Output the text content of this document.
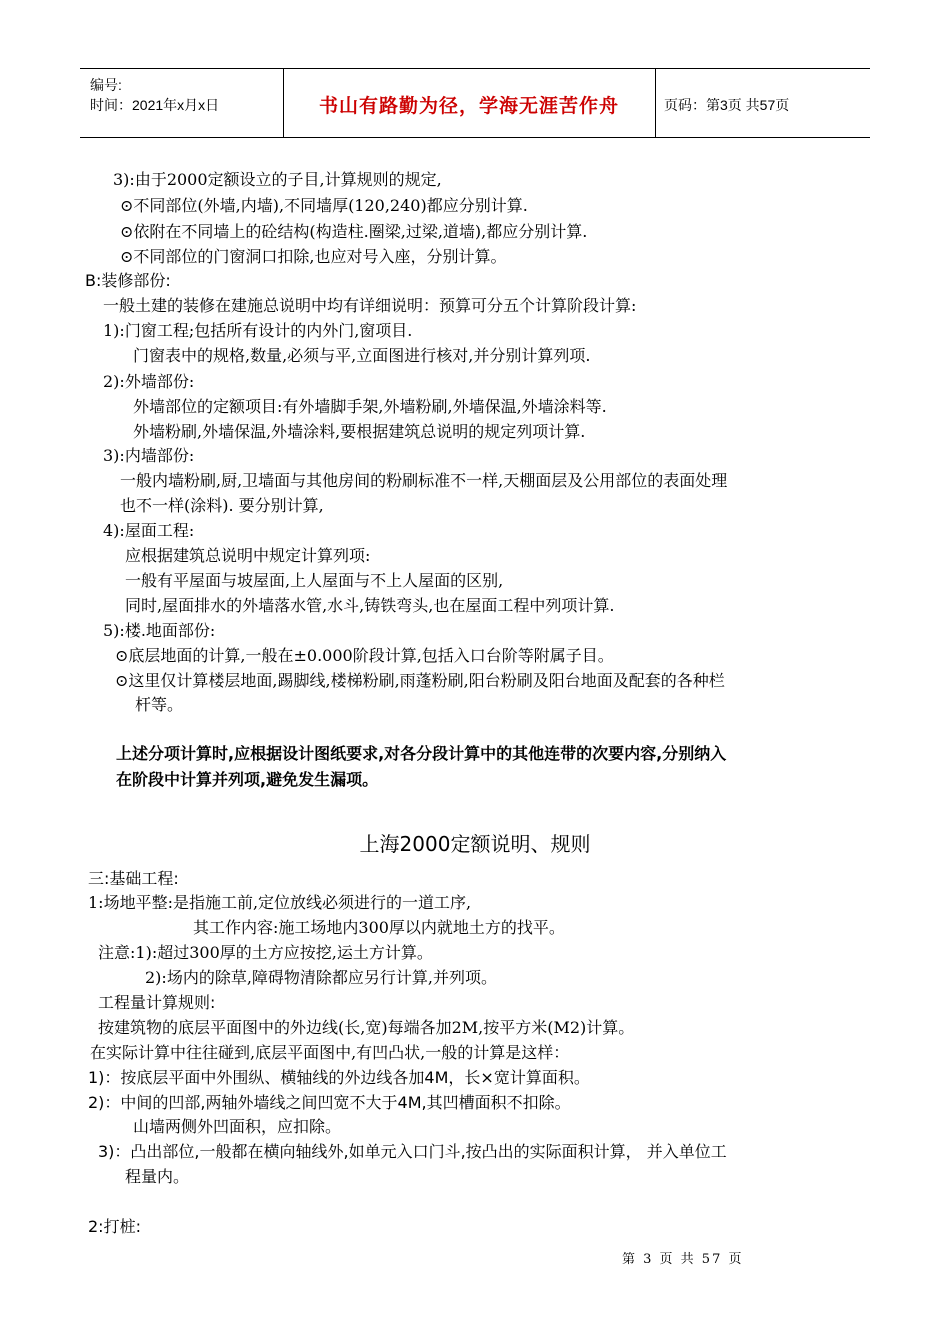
编号:
时间：2021年x月x日	书山有路勤为径，学海无涯苦作舟	页码：第3页 共57页
3):由于2000定额设立的子目,计算规则的规定,
⊙不同部位(外墙,内墙),不同墙厚(120,240)都应分别计算.
⊙依附在不同墙上的砼结构(构造柱.圈梁,过梁,道墙),都应分别计算.
⊙不同部位的门窗洞口扣除,也应对号入座，分别计算。
B:装修部份:
一般土建的装修在建施总说明中均有详细说明：预算可分五个计算阶段计算:
1):门窗工程;包括所有设计的内外门,窗项目.
门窗表中的规格,数量,必须与平,立面图进行核对,并分别计算列项.
2):外墙部份:
外墙部位的定额项目:有外墙脚手架,外墙粉刷,外墙保温,外墙涂料等.
外墙粉刷,外墙保温,外墙涂料,要根据建筑总说明的规定列项计算.
3):内墙部份:
一般内墙粉刷,厨,卫墙面与其他房间的粉刷标准不一样,天棚面层及公用部位的表面处理
也不一样(涂料). 要分别计算,
4):屋面工程:
应根据建筑总说明中规定计算列项:
一般有平屋面与坡屋面,上人屋面与不上人屋面的区别,
同时,屋面排水的外墙落水管,水斗,铸铁弯头,也在屋面工程中列项计算.
5):楼.地面部份:
⊙底层地面的计算,一般在±0.000阶段计算,包括入口台阶等附属子目。
⊙这里仅计算楼层地面,踢脚线,楼梯粉刷,雨蓬粉刷,阳台粉刷及阳台地面及配套的各种栏
杆等。
上述分项计算时,应根据设计图纸要求,对各分段计算中的其他连带的次要内容,分别纳入
在阶段中计算并列项,避免发生漏项。
上海2000定额说明、规则
三:基础工程:
1:场地平整:是指施工前,定位放线必须进行的一道工序,
其工作内容:施工场地内300厚以内就地土方的找平。
注意:1):超过300厚的土方应按挖,运土方计算。
2):场内的除草,障碍物清除都应另行计算,并列项。
工程量计算规则:
按建筑物的底层平面图中的外边线(长,宽)每端各加2M,按平方米(M2)计算。
在实际计算中往往碰到,底层平面图中,有凹凸状,一般的计算是这样：
1)：按底层平面中外围纵、横轴线的外边线各加4M，长×宽计算面积。
2)：中间的凹部,两轴外墙线之间凹宽不大于4M,其凹槽面积不扣除。
山墙两侧外凹面积，应扣除。
3)：凸出部位,一般都在横向轴线外,如单元入口门斗,按凸出的实际面积计算， 并入单位工
程量内。
2:打桩:
第 3 页 共 57 页
